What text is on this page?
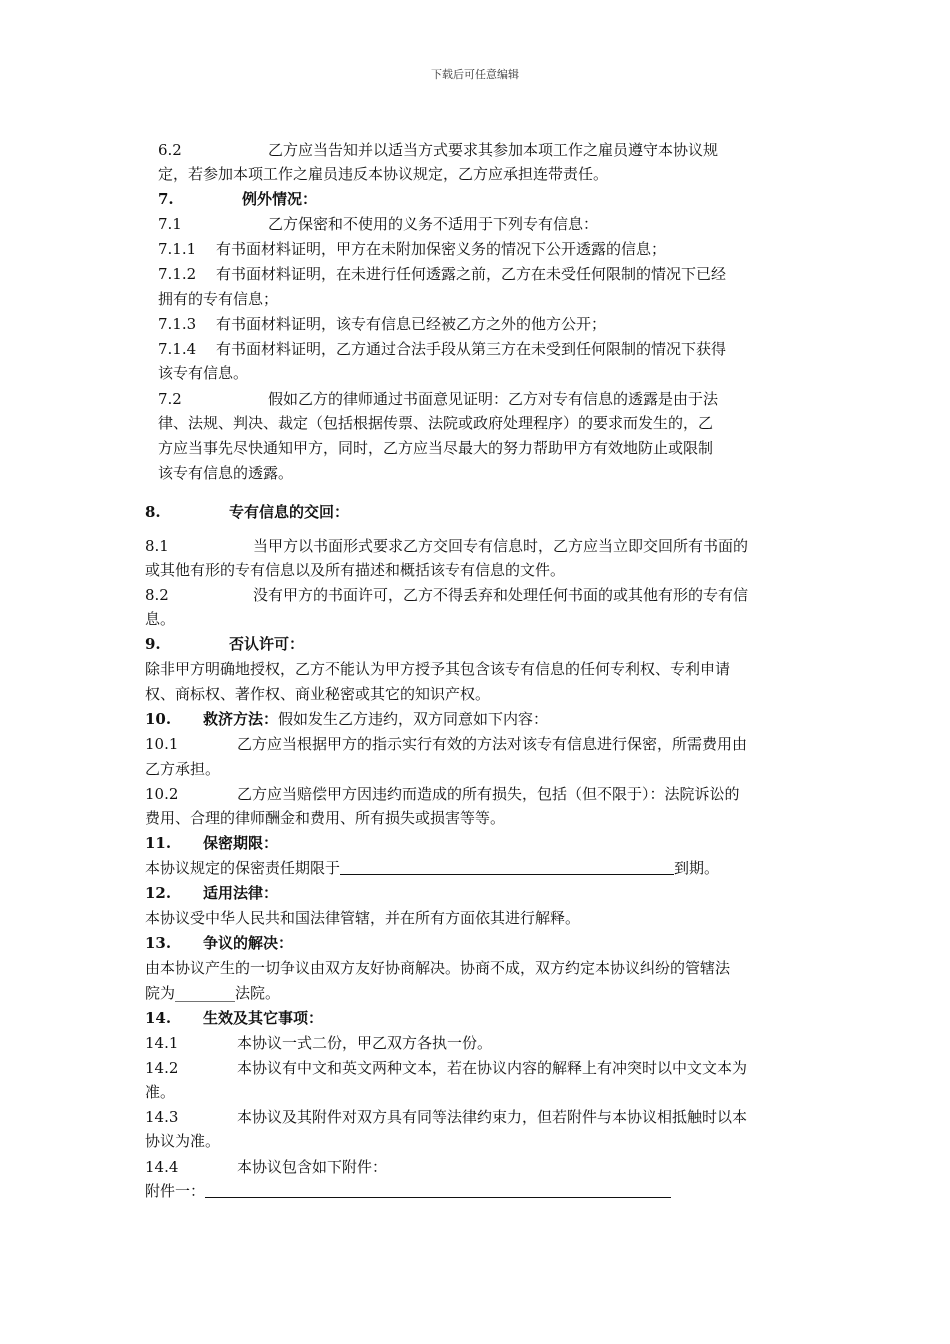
下载后可任意编辑
6.2	乙方应当告知并以适当方式要求其参加本项工作之雇员遵守本协议规
定，若参加本项工作之雇员违反本协议规定，乙方应承担连带责任。
7.	例外情况：
7.1	乙方保密和不使用的义务不适用于下列专有信息：
7.1.1 有书面材料证明，甲方在未附加保密义务的情况下公开透露的信息；
7.1.2 有书面材料证明，在未进行任何透露之前，乙方在未受任何限制的情况下已经
拥有的专有信息；
7.1.3 有书面材料证明，该专有信息已经被乙方之外的他方公开；
7.1.4 有书面材料证明，乙方通过合法手段从第三方在未受到任何限制的情况下获得
该专有信息。
7.2	假如乙方的律师通过书面意见证明：乙方对专有信息的透露是由于法
律、法规、判决、裁定（包括根据传票、法院或政府处理程序）的要求而发生的，乙
方应当事先尽快通知甲方，同时，乙方应当尽最大的努力帮助甲方有效地防止或限制
该专有信息的透露。
8.	专有信息的交回：
8.1	当甲方以书面形式要求乙方交回专有信息时，乙方应当立即交回所有书面的
或其他有形的专有信息以及所有描述和概括该专有信息的文件。
8.2	没有甲方的书面许可，乙方不得丢弃和处理任何书面的或其他有形的专有信
息。
9.	否认许可：
除非甲方明确地授权，乙方不能认为甲方授予其包含该专有信息的任何专利权、专利申请
权、商标权、著作权、商业秘密或其它的知识产权。
10. 救济方法：假如发生乙方违约，双方同意如下内容：
10.1	乙方应当根据甲方的指示实行有效的方法对该专有信息进行保密，所需费用由
乙方承担。
10.2	乙方应当赔偿甲方因违约而造成的所有损失，包括（但不限于）：法院诉讼的
费用、合理的律师酬金和费用、所有损失或损害等等。
11. 保密期限：
本协议规定的保密责任期限于	到期。
12. 适用法律：
本协议受中华人民共和国法律管辖，并在所有方面依其进行解释。
13. 争议的解决：
由本协议产生的一切争议由双方友好协商解决。协商不成，双方约定本协议纠纷的管辖法
院为________法院。
14. 生效及其它事项：
14.1	本协议一式二份，甲乙双方各执一份。
14.2	本协议有中文和英文两种文本，若在协议内容的解释上有冲突时以中文文本为
准。
14.3	本协议及其附件对双方具有同等法律约束力，但若附件与本协议相抵触时以本
协议为准。
14.4	本协议包含如下附件：
附件一：
